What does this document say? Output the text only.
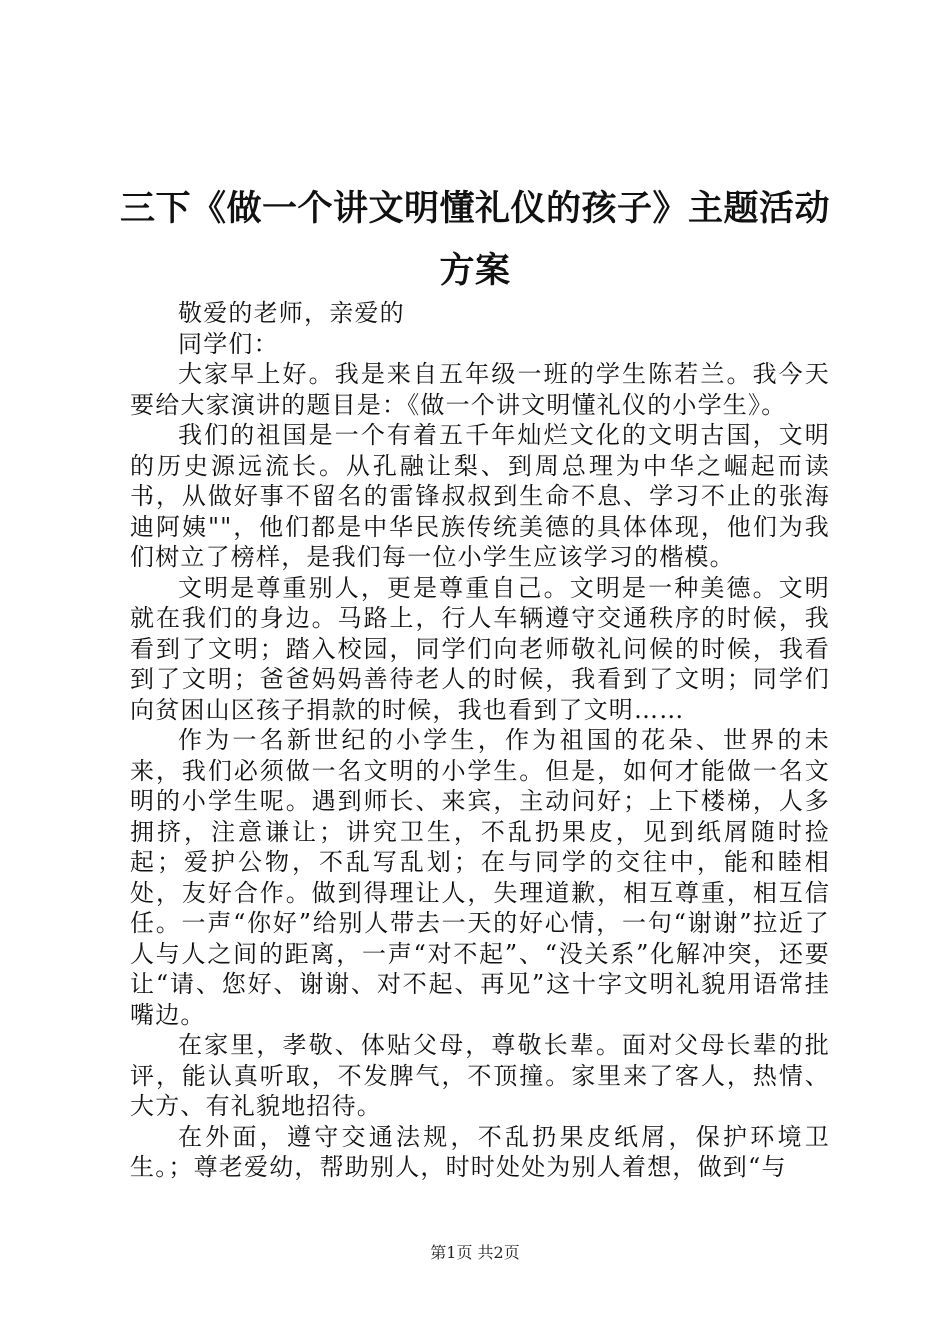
三下《做一个讲文明懂礼仪的孩子》主题活动方案

敬爱的老师，亲爱的

同学们：

大家早上好。我是来自五年级一班的学生陈若兰。我今天要给大家演讲的题目是：《做一个讲文明懂礼仪的小学生》。

我们的祖国是一个有着五千年灿烂文化的文明古国，文明的历史源远流长。从孔融让梨、到周总理为中华之崛起而读书，从做好事不留名的雷锋叔叔到生命不息、学习不止的张海迪阿姨""，他们都是中华民族传统美德的具体体现，他们为我们树立了榜样，是我们每一位小学生应该学习的楷模。

文明是尊重别人，更是尊重自己。文明是一种美德。文明就在我们的身边。马路上，行人车辆遵守交通秩序的时候，我看到了文明；踏入校园，同学们向老师敬礼问候的时候，我看到了文明；爸爸妈妈善待老人的时候，我看到了文明；同学们向贫困山区孩子捐款的时候，我也看到了文明……

作为一名新世纪的小学生，作为祖国的花朵、世界的未来，我们必须做一名文明的小学生。但是，如何才能做一名文明的小学生呢。遇到师长、来宾，主动问好；上下楼梯，人多拥挤，注意谦让；讲究卫生，不乱扔果皮，见到纸屑随时捡起；爱护公物，不乱写乱划；在与同学的交往中，能和睦相处，友好合作。做到得理让人，失理道歉，相互尊重，相互信任。一声“你好”给别人带去一天的好心情，一句“谢谢”拉近了人与人之间的距离，一声“对不起”、“没关系”化解冲突，还要让“请、您好、谢谢、对不起、再见”这十字文明礼貌用语常挂嘴边。

在家里，孝敬、体贴父母，尊敬长辈。面对父母长辈的批评，能认真听取，不发脾气，不顶撞。家里来了客人，热情、大方、有礼貌地招待。

在外面，遵守交通法规，不乱扔果皮纸屑，保护环境卫生。；尊老爱幼，帮助别人，时时处处为别人着想，做到“与

第1页 共2页
